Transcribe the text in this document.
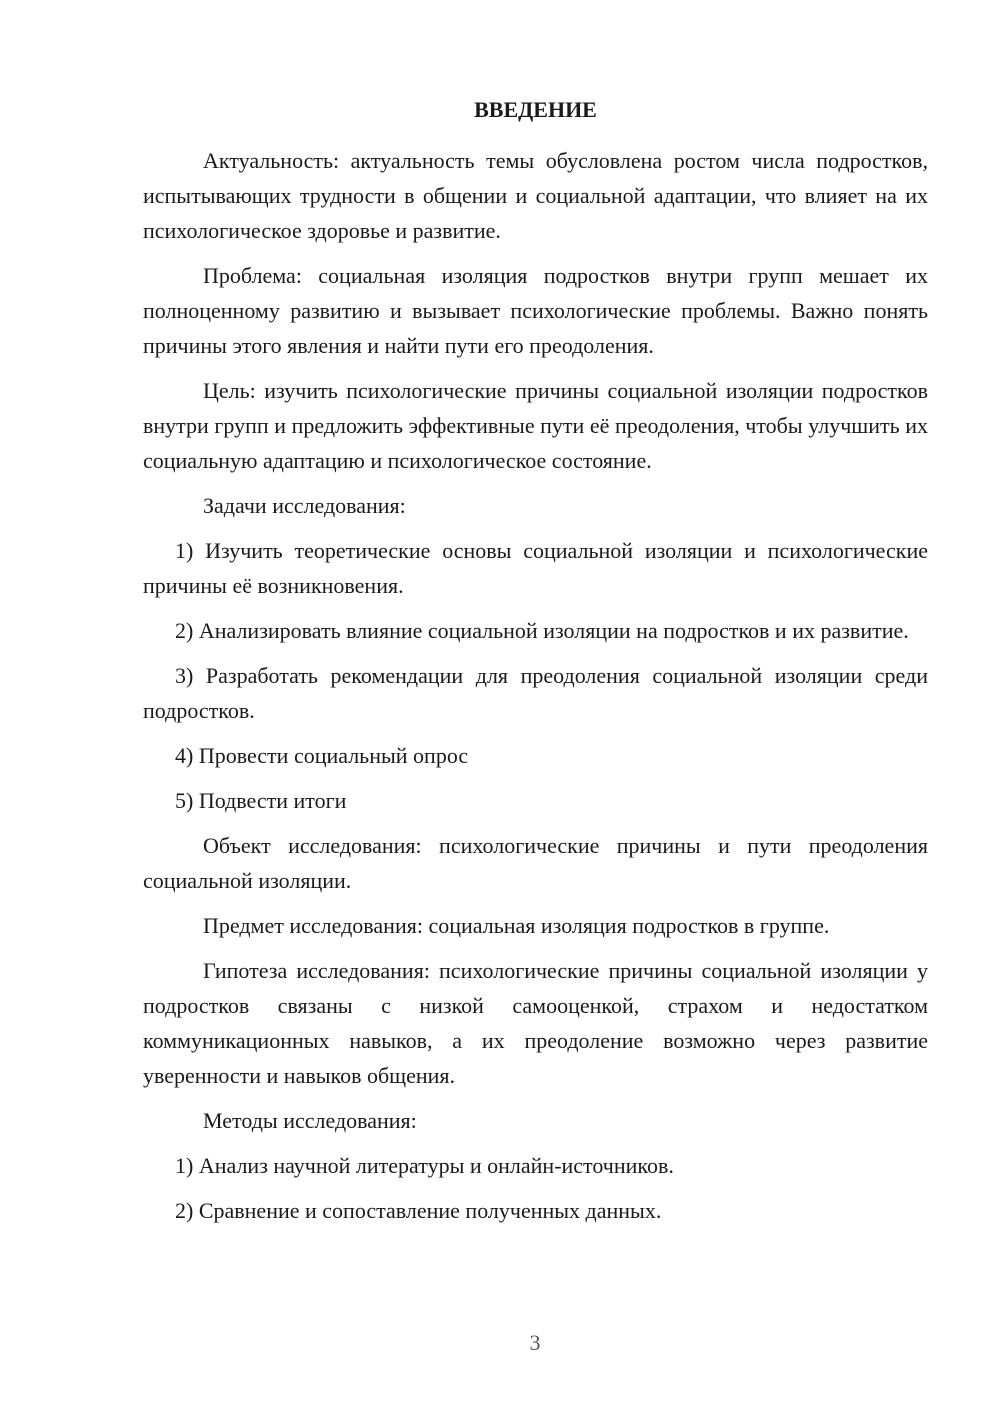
ВВЕДЕНИЕ

Актуальность: актуальность темы обусловлена ростом числа подростков, испытывающих трудности в общении и социальной адаптации, что влияет на их психологическое здоровье и развитие.

Проблема: социальная изоляция подростков внутри групп мешает их полноценному развитию и вызывает психологические проблемы. Важно понять причины этого явления и найти пути его преодоления.

Цель: изучить психологические причины социальной изоляции подростков внутри групп и предложить эффективные пути её преодоления, чтобы улучшить их социальную адаптацию и психологическое состояние.

Задачи исследования:

1) Изучить теоретические основы социальной изоляции и психологические причины её возникновения.

2) Анализировать влияние социальной изоляции на подростков и их развитие.

3) Разработать рекомендации для преодоления социальной изоляции среди подростков.

4) Провести социальный опрос

5) Подвести итоги

Объект исследования: психологические причины и пути преодоления социальной изоляции.

Предмет исследования: социальная изоляция подростков в группе.

Гипотеза исследования: психологические причины социальной изоляции у подростков связаны с низкой самооценкой, страхом и недостатком коммуникационных навыков, а их преодоление возможно через развитие уверенности и навыков общения.

Методы исследования:

1) Анализ научной литературы и онлайн-источников.

2) Сравнение и сопоставление полученных данных.

3
